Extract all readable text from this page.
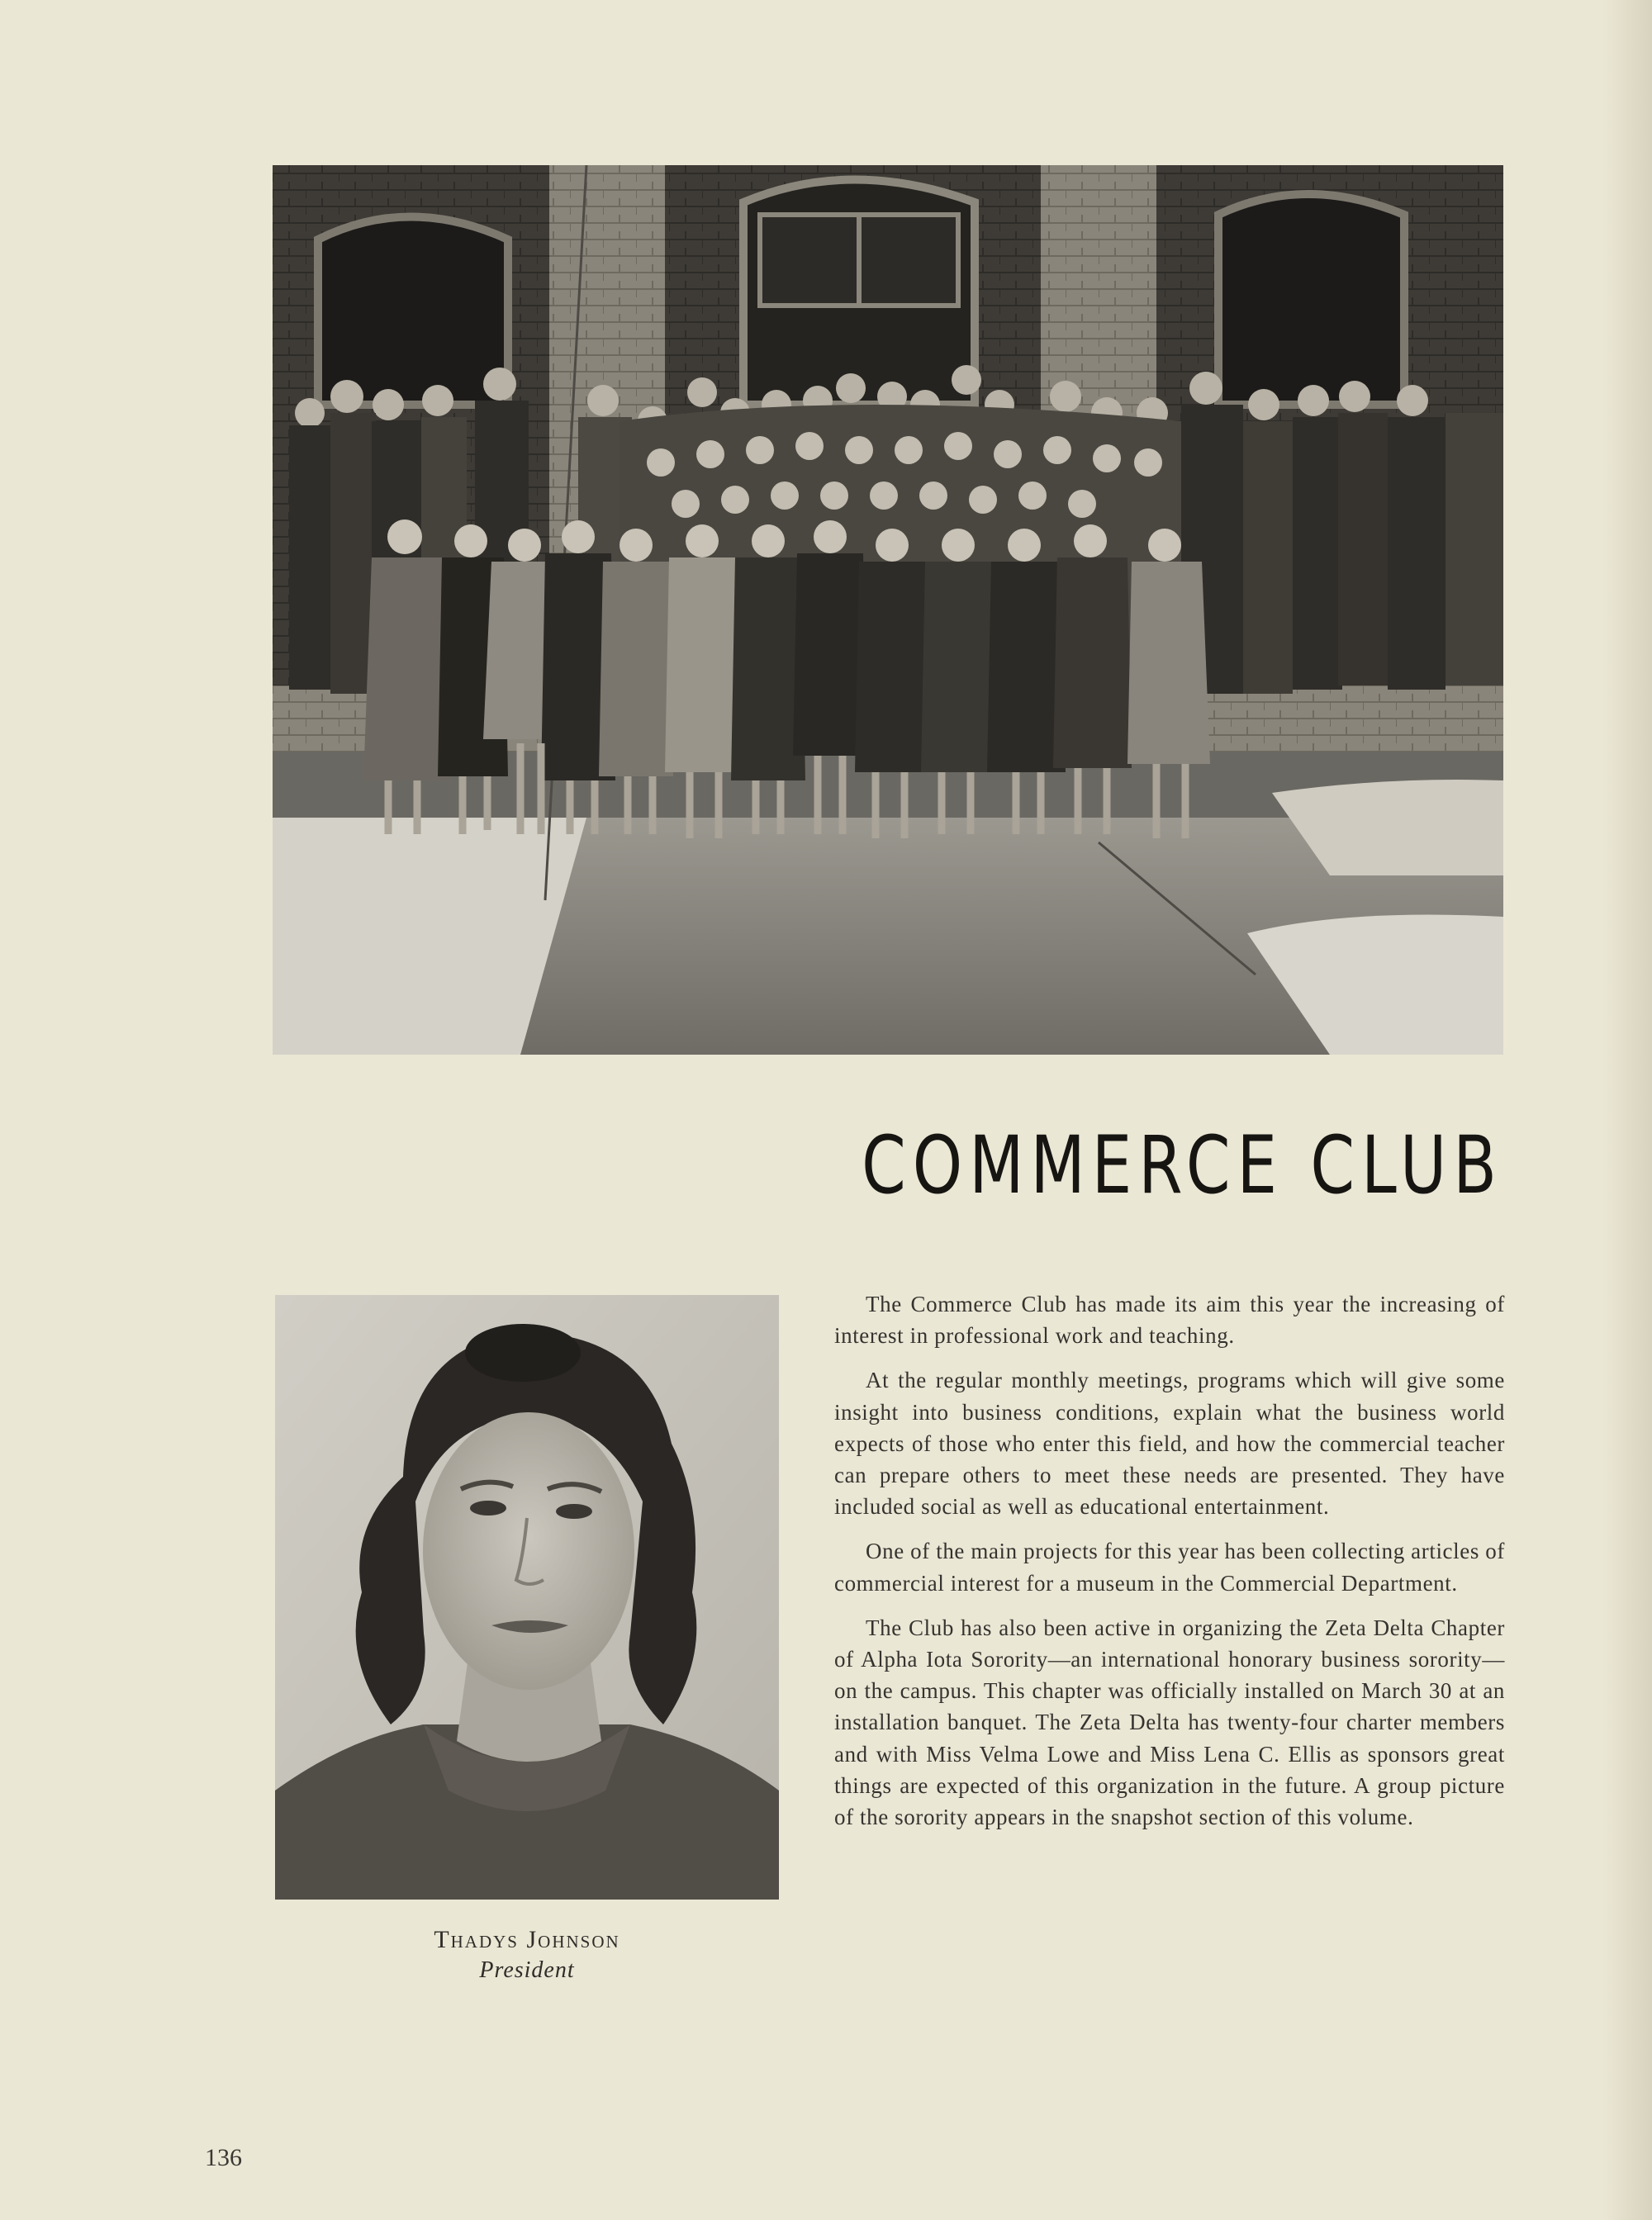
COMMERCE CLUB
Thadys Johnson
President

The Commerce Club has made its aim this year the increasing of interest in professional work and teaching.

At the regular monthly meetings, programs which will give some insight into business conditions, explain what the business world expects of those who enter this field, and how the commercial teacher can prepare others to meet these needs are presented. They have included social as well as educational entertainment.

One of the main projects for this year has been collecting articles of commercial interest for a museum in the Commercial Department.

The Club has also been active in organizing the Zeta Delta Chapter of Alpha Iota Sorority—an international honorary business sorority—on the campus. This chapter was officially installed on March 30 at an installation banquet. The Zeta Delta has twenty-four charter members and with Miss Velma Lowe and Miss Lena C. Ellis as sponsors great things are expected of this organization in the future. A group picture of the sorority appears in the snapshot section of this volume.

136
